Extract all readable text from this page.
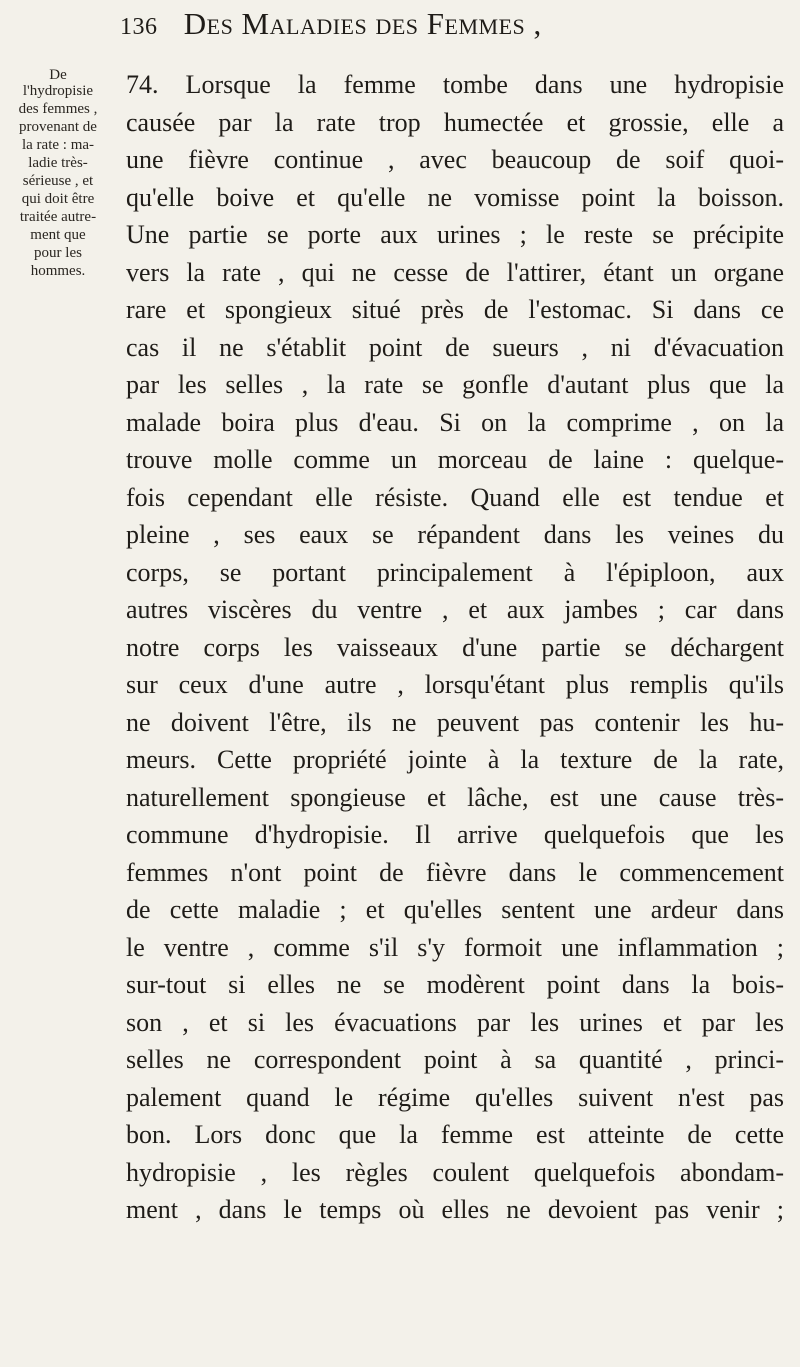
136 Des Maladies des Femmes ,
De
l'hydropisie
des femmes ,
provenant de
la rate : ma-
ladie très-
sérieuse , et
qui doit être
traitée autre-
ment que
pour les
hommes.
74. Lorsque la femme tombe dans une hydropisie
causée par la rate trop humectée et grossie, elle a
une fièvre continue , avec beaucoup de soif quoi-
qu'elle boive et qu'elle ne vomisse point la boisson.
Une partie se porte aux urines ; le reste se précipite
vers la rate , qui ne cesse de l'attirer, étant un organe
rare et spongieux situé près de l'estomac. Si dans ce
cas il ne s'établit point de sueurs , ni d'évacuation
par les selles , la rate se gonfle d'autant plus que la
malade boira plus d'eau. Si on la comprime , on la
trouve molle comme un morceau de laine : quelque-
fois cependant elle résiste. Quand elle est tendue et
pleine , ses eaux se répandent dans les veines du
corps, se portant principalement à l'épiploon, aux
autres viscères du ventre , et aux jambes ; car dans
notre corps les vaisseaux d'une partie se déchargent
sur ceux d'une autre , lorsqu'étant plus remplis qu'ils
ne doivent l'être, ils ne peuvent pas contenir les hu-
meurs. Cette propriété jointe à la texture de la rate,
naturellement spongieuse et lâche, est une cause très-
commune d'hydropisie. Il arrive quelquefois que les
femmes n'ont point de fièvre dans le commencement
de cette maladie ; et qu'elles sentent une ardeur dans
le ventre , comme s'il s'y formoit une inflammation ;
sur-tout si elles ne se modèrent point dans la bois-
son , et si les évacuations par les urines et par les
selles ne correspondent point à sa quantité , princi-
palement quand le régime qu'elles suivent n'est pas
bon. Lors donc que la femme est atteinte de cette
hydropisie , les règles coulent quelquefois abondam-
ment , dans le temps où elles ne devoient pas venir ;
